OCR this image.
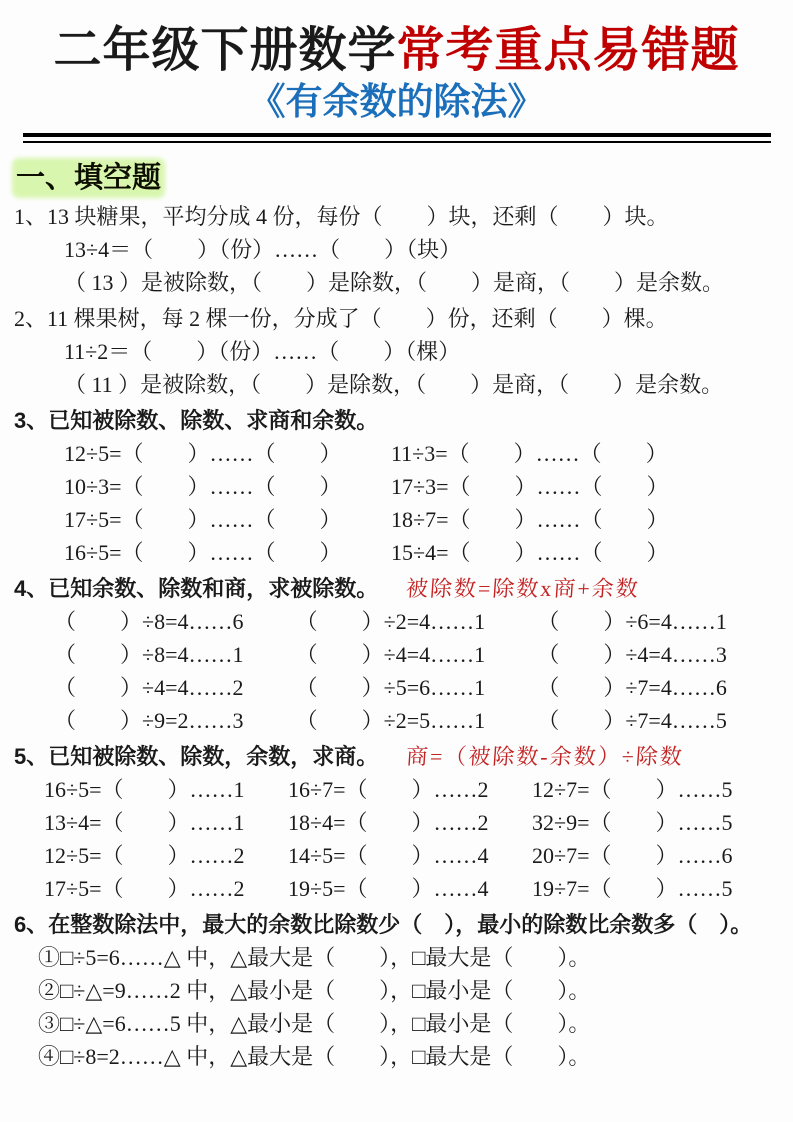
二年级下册数学常考重点易错题
《有余数的除法》
一、填空题

1、13 块糖果，平均分成 4 份，每份（　　）块，还剩（　　）块。

13÷4＝（　　）（份）……（　　）（块）

（ 13 ）是被除数，（　　）是除数，（　　）是商，（　　）是余数。

2、11 棵果树，每 2 棵一份，分成了（　　）份，还剩（　　）棵。

11÷2＝（　　）（份）……（　　）（棵）

（ 11 ）是被除数，（　　）是除数，（　　）是商，（　　）是余数。

3、已知被除数、除数、求商和余数。

12÷5=（　　）……（　　）	11÷3=（　　）……（　　）
10÷3=（　　）……（　　）	17÷3=（　　）……（　　）
17÷5=（　　）……（　　）	18÷7=（　　）……（　　）
16÷5=（　　）……（　　）	15÷4=（　　）……（　　）

4、已知余数、除数和商，求被除数。 被除数=除数x商+余数

（　　）÷8=4……6	（　　）÷2=4……1	（　　）÷6=4……1
（　　）÷8=4……1	（　　）÷4=4……1	（　　）÷4=4……3
（　　）÷4=4……2	（　　）÷5=6……1	（　　）÷7=4……6
（　　）÷9=2……3	（　　）÷2=5……1	（　　）÷7=4……5

5、已知被除数、除数，余数，求商。 商=（被除数-余数）÷除数

16÷5=（　　）……1	16÷7=（　　）……2	12÷7=（　　）……5
13÷4=（　　）……1	18÷4=（　　）……2	32÷9=（　　）……5
12÷5=（　　）……2	14÷5=（　　）……4	20÷7=（　　）……6
17÷5=（　　）……2	19÷5=（　　）……4	19÷7=（　　）……5

6、在整数除法中，最大的余数比除数少（　），最小的除数比余数多（　）。

①□÷5=6……△ 中，△最大是（　　），□最大是（　　）。

②□÷△=9……2 中，△最小是（　　），□最小是（　　）。

③□÷△=6……5 中，△最小是（　　），□最小是（　　）。

④□÷8=2……△ 中，△最大是（　　），□最大是（　　）。
